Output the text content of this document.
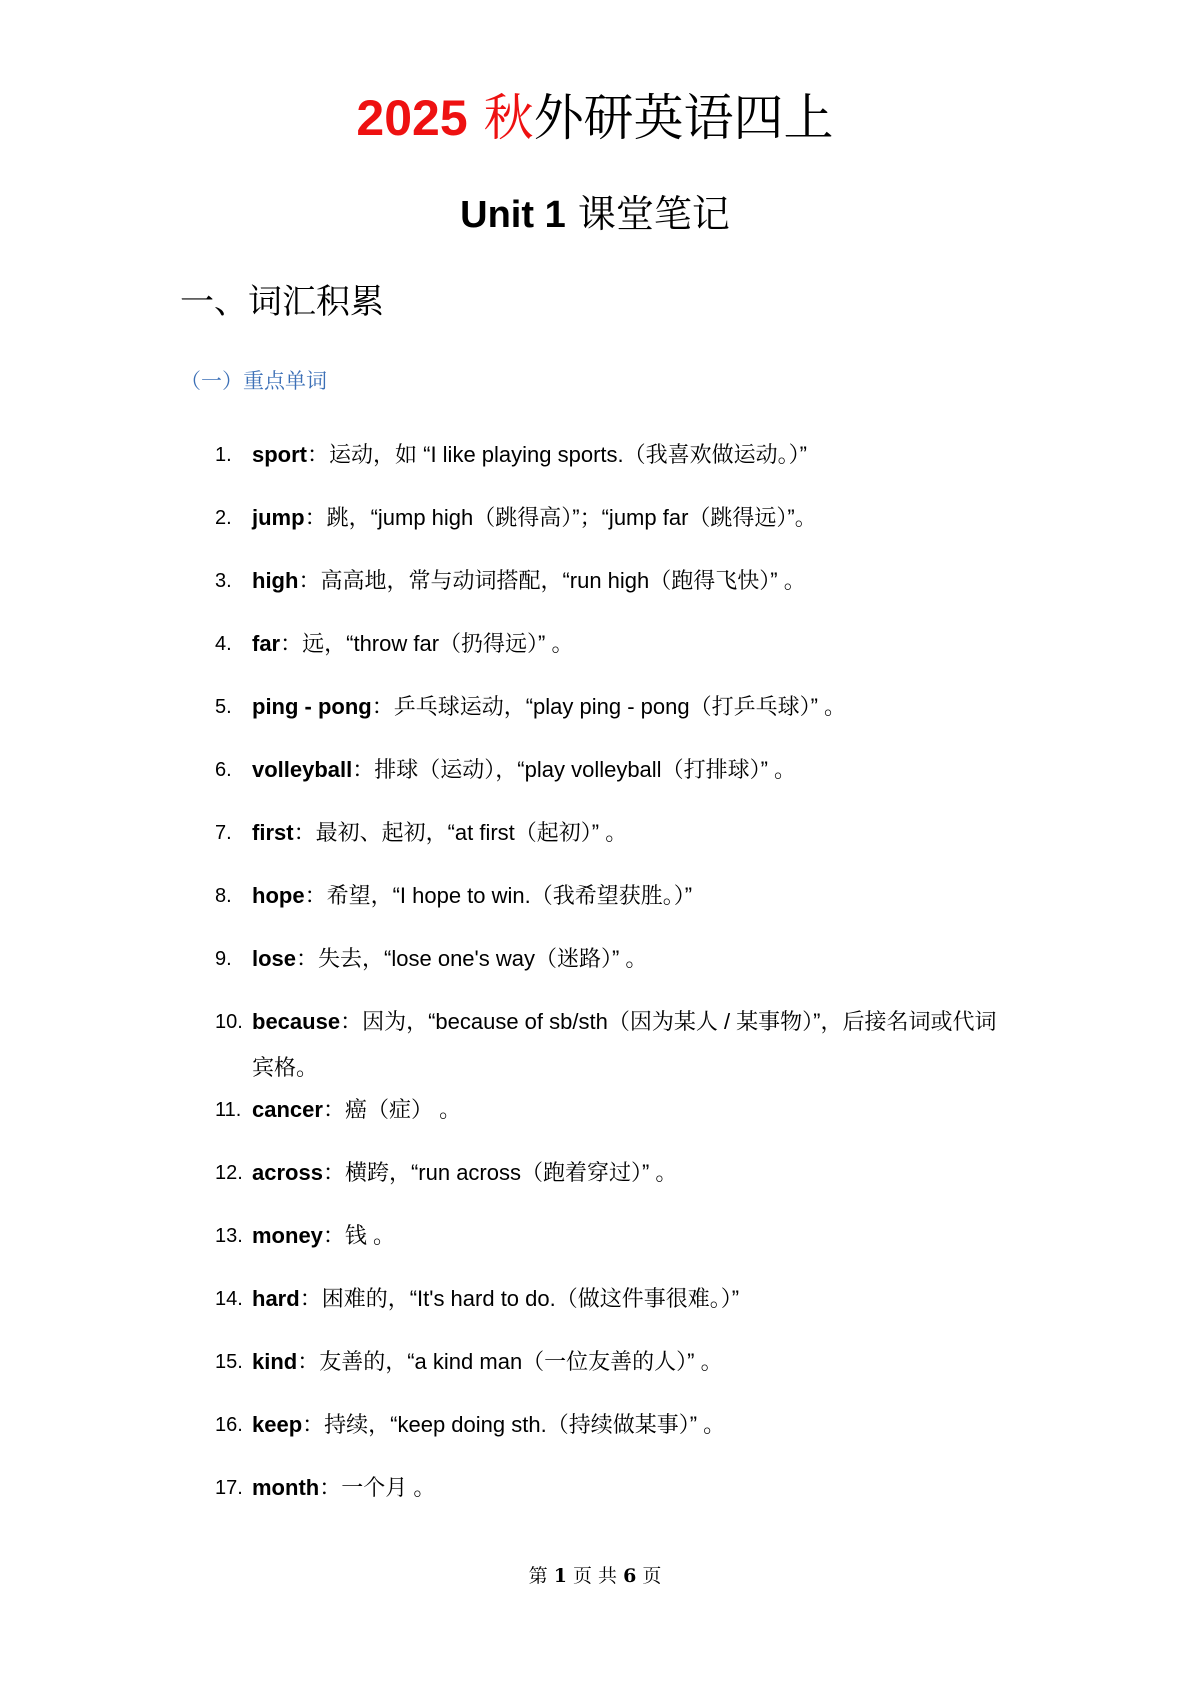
2025 秋外研英语四上
Unit 1 课堂笔记
一、词汇积累
（一）重点单词
1. sport：运动，如 “I like playing sports.（我喜欢做运动。）”
2. jump：跳，“jump high（跳得高）”；“jump far（跳得远）”。
3. high：高高地，常与动词搭配，“run high（跑得飞快）” 。
4. far：远，“throw far（扔得远）” 。
5. ping - pong：乒乓球运动，“play ping - pong（打乒乓球）” 。
6. volleyball：排球（运动），“play volleyball（打排球）” 。
7. first：最初、起初，“at first（起初）” 。
8. hope：希望，“I hope to win.（我希望获胜。）”
9. lose：失去，“lose one's way（迷路）” 。
10. because：因为，“because of sb/sth（因为某人 / 某事物）”，后接名词或代词宾格。
11. cancer：癌（症） 。
12. across：横跨，“run across（跑着穿过）” 。
13. money：钱 。
14. hard：困难的，“It's hard to do.（做这件事很难。）”
15. kind：友善的，“a kind man（一位友善的人）” 。
16. keep：持续，“keep doing sth.（持续做某事）” 。
17. month：一个月 。
第 1 页 共 6 页
